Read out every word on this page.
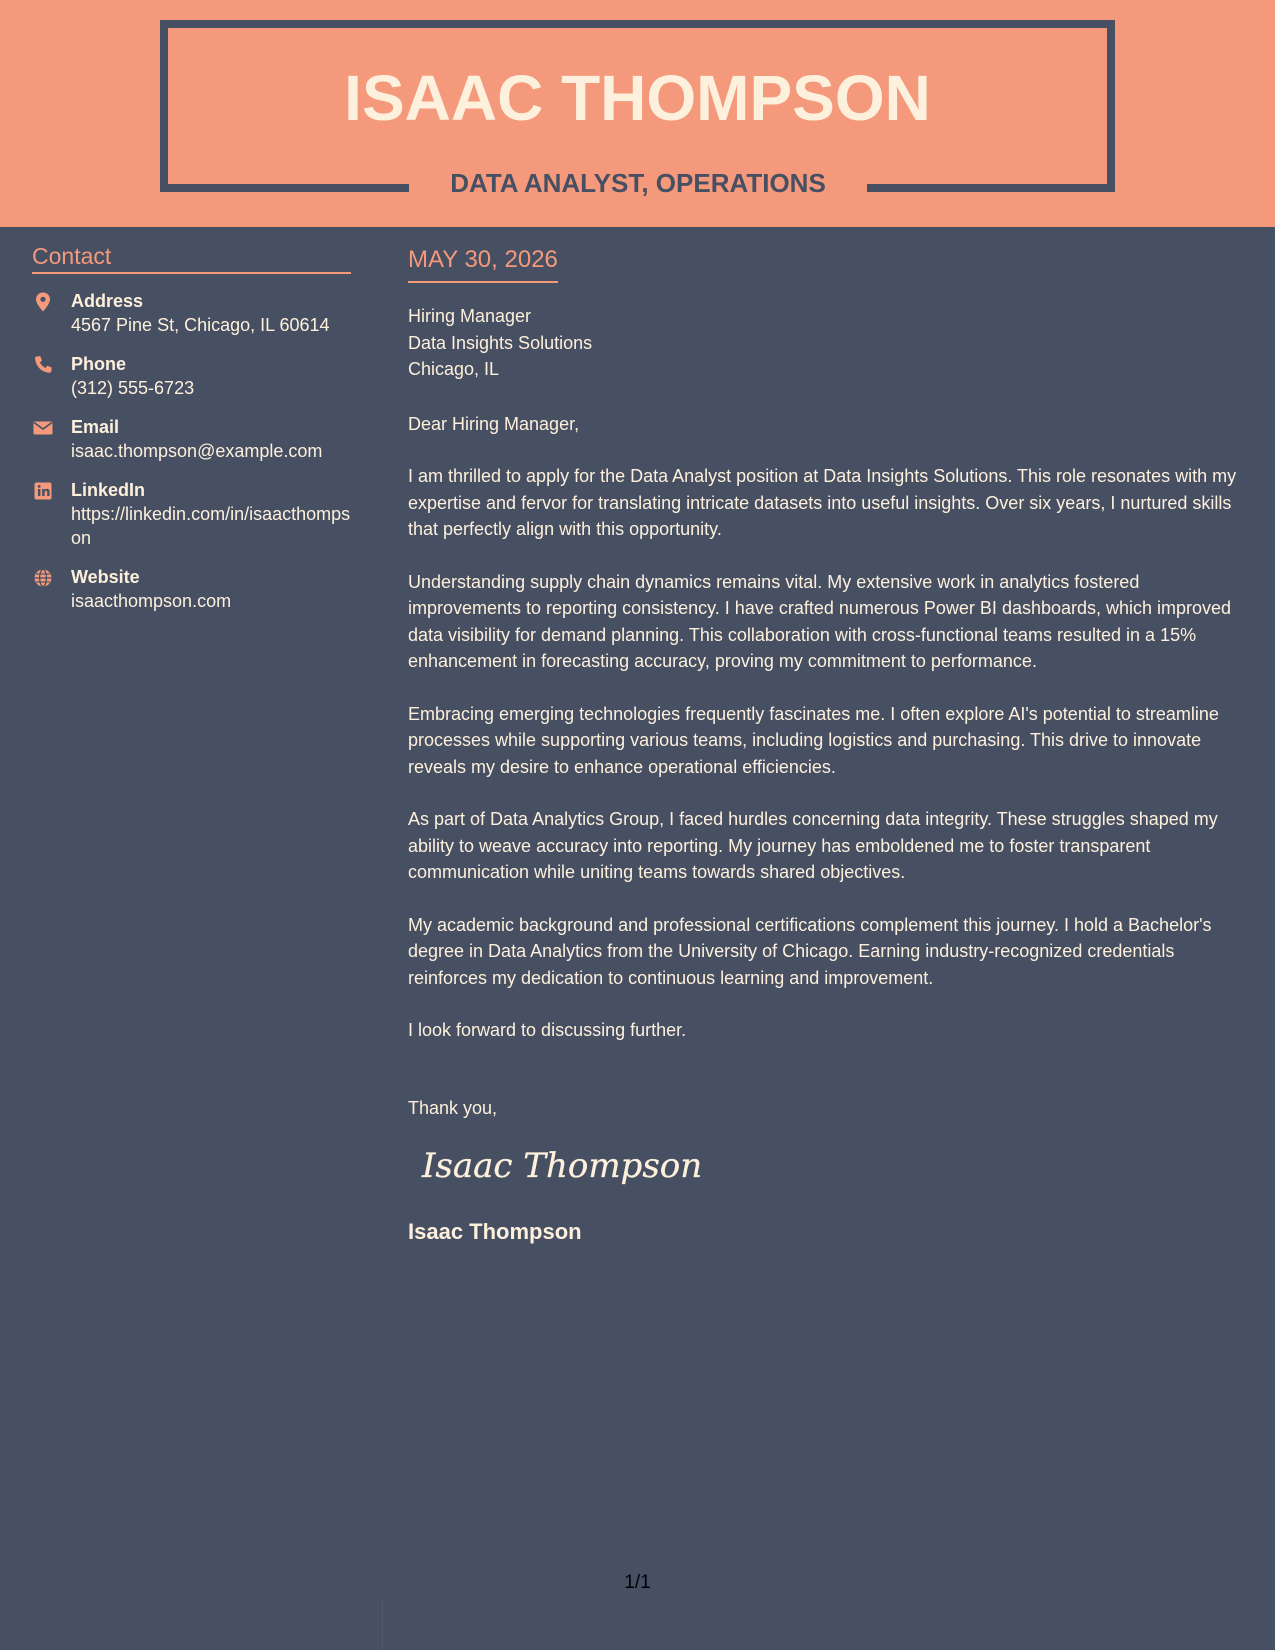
ISAAC THOMPSON
DATA ANALYST, OPERATIONS
Contact
Address
4567 Pine St, Chicago, IL 60614
Phone
(312) 555-6723
Email
isaac.thompson@example.com
LinkedIn
https://linkedin.com/in/isaacthompson
Website
isaacthompson.com
MAY 30, 2026
Hiring Manager
Data Insights Solutions
Chicago, IL
Dear Hiring Manager,
I am thrilled to apply for the Data Analyst position at Data Insights Solutions. This role resonates with my expertise and fervor for translating intricate datasets into useful insights. Over six years, I nurtured skills that perfectly align with this opportunity.
Understanding supply chain dynamics remains vital. My extensive work in analytics fostered improvements to reporting consistency. I have crafted numerous Power BI dashboards, which improved data visibility for demand planning. This collaboration with cross-functional teams resulted in a 15% enhancement in forecasting accuracy, proving my commitment to performance.
Embracing emerging technologies frequently fascinates me. I often explore AI's potential to streamline processes while supporting various teams, including logistics and purchasing. This drive to innovate reveals my desire to enhance operational efficiencies.
As part of Data Analytics Group, I faced hurdles concerning data integrity. These struggles shaped my ability to weave accuracy into reporting. My journey has emboldened me to foster transparent communication while uniting teams towards shared objectives.
My academic background and professional certifications complement this journey. I hold a Bachelor's degree in Data Analytics from the University of Chicago. Earning industry-recognized credentials reinforces my dedication to continuous learning and improvement.
I look forward to discussing further.
Thank you,
Isaac Thompson
Isaac Thompson
1/1
